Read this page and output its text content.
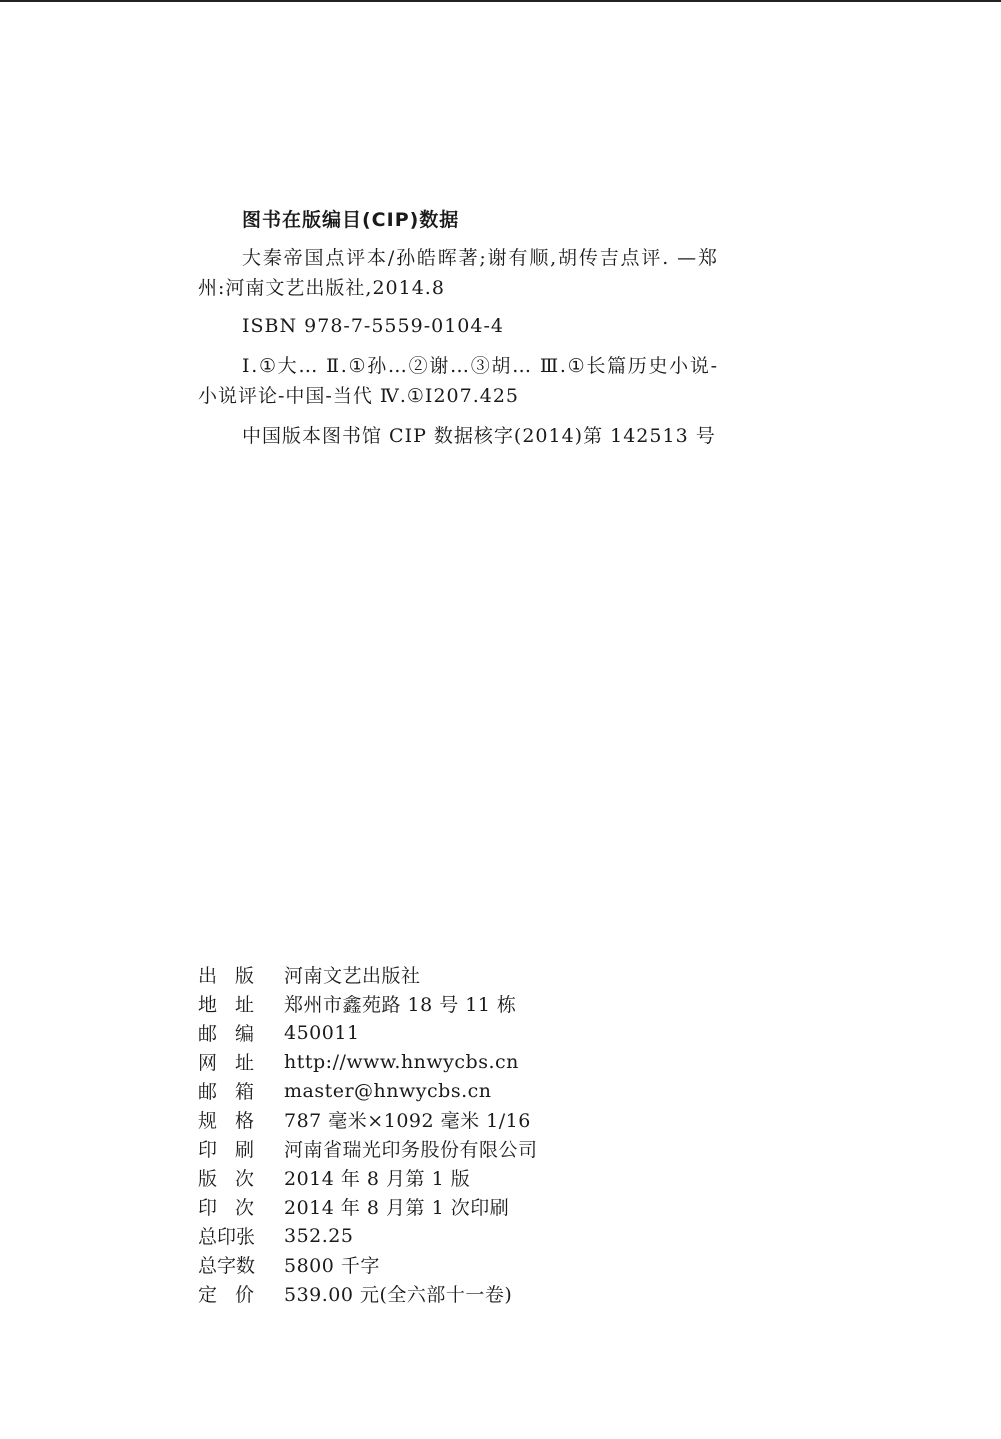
图书在版编目(CIP)数据

大秦帝国点评本/孙皓晖著;谢有顺,胡传吉点评. —郑州:河南文艺出版社,2014.8

ISBN 978-7-5559-0104-4

Ⅰ.①大… Ⅱ.①孙…②谢…③胡… Ⅲ.①长篇历史小说-小说评论-中国-当代 Ⅳ.①I207.425

中国版本图书馆 CIP 数据核字(2014)第 142513 号

出版	河南文艺出版社
地址	郑州市鑫苑路 18 号 11 栋
邮编	450011
网址	http://www.hnwycbs.cn
邮箱	master@hnwycbs.cn
规格	787 毫米×1092 毫米 1/16
印刷	河南省瑞光印务股份有限公司
版次	2014 年 8 月第 1 版
印次	2014 年 8 月第 1 次印刷
总印张	352.25
总字数	5800 千字
定价	539.00 元(全六部十一卷)
